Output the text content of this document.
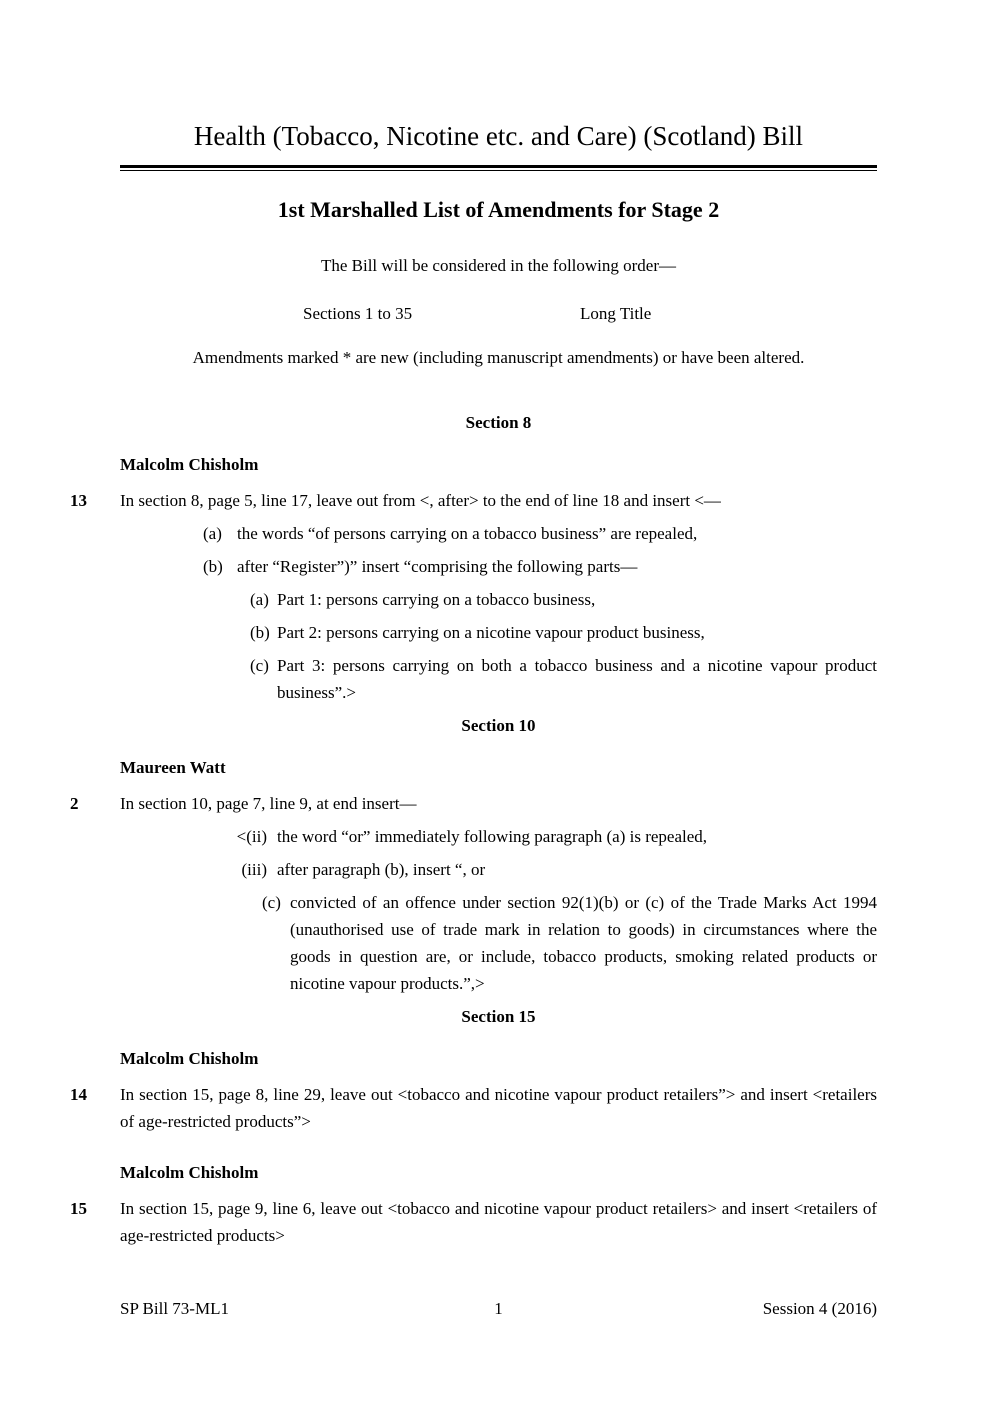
Health (Tobacco, Nicotine etc. and Care) (Scotland) Bill
1st Marshalled List of Amendments for Stage 2
The Bill will be considered in the following order—
Sections 1 to 35	Long Title
Amendments marked * are new (including manuscript amendments) or have been altered.
Section 8
Malcolm Chisholm
13	In section 8, page 5, line 17, leave out from <, after> to the end of line 18 and insert <—
(a) the words “of persons carrying on a tobacco business” are repealed,
(b) after “Register”)” insert “comprising the following parts—
(a) Part 1: persons carrying on a tobacco business,
(b) Part 2: persons carrying on a nicotine vapour product business,
(c) Part 3: persons carrying on both a tobacco business and a nicotine vapour product business”.>
Section 10
Maureen Watt
2	In section 10, page 7, line 9, at end insert—
<(ii) the word “or” immediately following paragraph (a) is repealed,
(iii) after paragraph (b), insert “, or
(c) convicted of an offence under section 92(1)(b) or (c) of the Trade Marks Act 1994 (unauthorised use of trade mark in relation to goods) in circumstances where the goods in question are, or include, tobacco products, smoking related products or nicotine vapour products.”,>
Section 15
Malcolm Chisholm
14	In section 15, page 8, line 29, leave out <tobacco and nicotine vapour product retailers”> and insert <retailers of age-restricted products”>
Malcolm Chisholm
15	In section 15, page 9, line 6, leave out <tobacco and nicotine vapour product retailers> and insert <retailers of age-restricted products>
SP Bill 73-ML1	1	Session 4 (2016)
